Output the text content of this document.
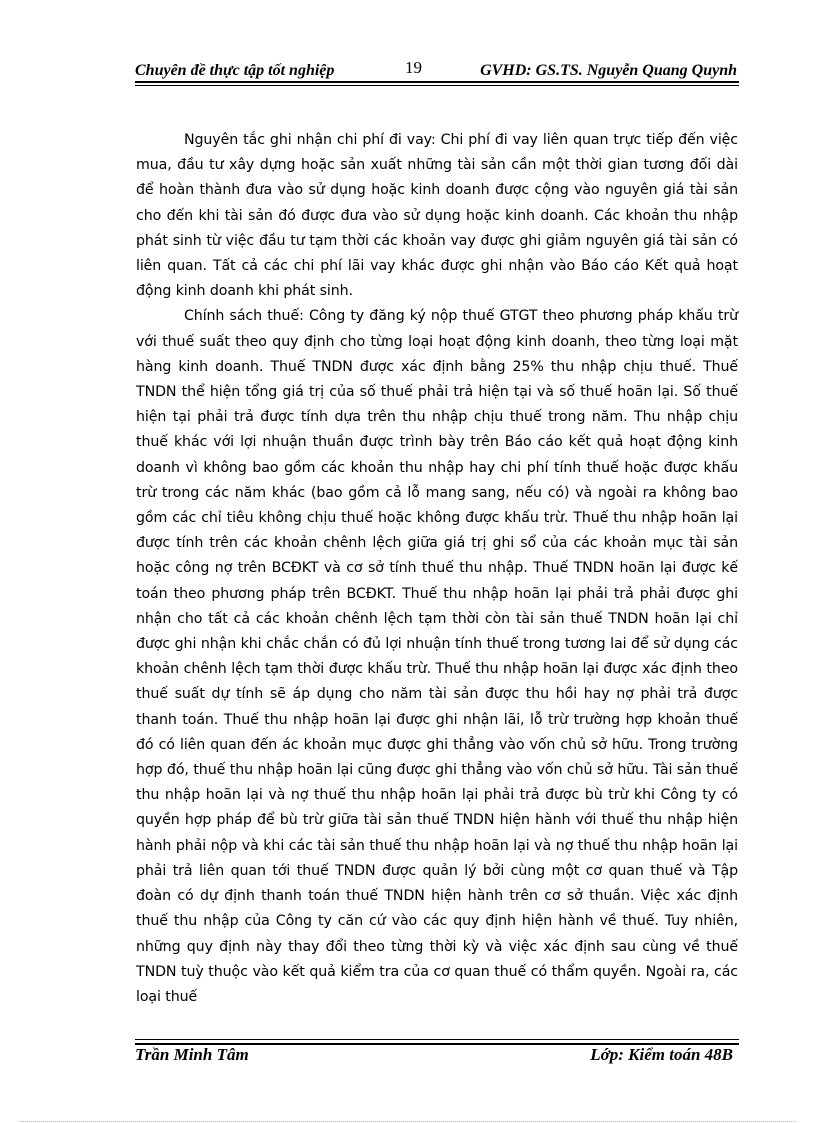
Chuyên đề thực tập tốt nghiệp	19	GVHD: GS.TS. Nguyễn Quang Quynh

Nguyên tắc ghi nhận chi phí đi vay: Chi phí đi vay liên quan trực tiếp đến việc mua, đầu tư xây dựng hoặc sản xuất những tài sản cần một thời gian tương đối dài để hoàn thành đưa vào sử dụng hoặc kinh doanh được cộng vào nguyên giá tài sản cho đến khi tài sản đó được đưa vào sử dụng hoặc kinh doanh. Các khoản thu nhập phát sinh từ việc đầu tư tạm thời các khoản vay được ghi giảm nguyên giá tài sản có liên quan. Tất cả các chi phí lãi vay khác được ghi nhận vào Báo cáo Kết quả hoạt động kinh doanh khi phát sinh.

Chính sách thuế: Công ty đăng ký nộp thuế GTGT theo phương pháp khấu trừ với thuế suất theo quy định cho từng loại hoạt động kinh doanh, theo từng loại mặt hàng kinh doanh. Thuế TNDN được xác định bằng 25% thu nhập chịu thuế. Thuế TNDN thể hiện tổng giá trị của số thuế phải trả hiện tại và số thuế hoãn lại. Số thuế hiện tại phải trả được tính dựa trên thu nhập chịu thuế trong năm. Thu nhập chịu thuế khác với lợi nhuận thuần được trình bày trên Báo cáo kết quả hoạt động kinh doanh vì không bao gồm các khoản thu nhập hay chi phí tính thuế hoặc được khấu trừ trong các năm khác (bao gồm cả lỗ mang sang, nếu có) và ngoài ra không bao gồm các chỉ tiêu không chịu thuế hoặc không được khấu trừ. Thuế thu nhập hoãn lại được tính trên các khoản chênh lệch giữa giá trị ghi sổ của các khoản mục tài sản hoặc công nợ trên BCĐKT và cơ sở tính thuế thu nhập. Thuế TNDN hoãn lại được kế toán theo phương pháp trên BCĐKT. Thuế thu nhập hoãn lại phải trả phải được ghi nhận cho tất cả các khoản chênh lệch tạm thời còn tài sản thuế TNDN hoãn lại chỉ được ghi nhận khi chắc chắn có đủ lợi nhuận tính thuế trong tương lai để sử dụng các khoản chênh lệch tạm thời được khấu trừ. Thuế thu nhập hoãn lại được xác định theo thuế suất dự tính sẽ áp dụng cho năm tài sản được thu hồi hay nợ phải trả được thanh toán. Thuế thu nhập hoãn lại được ghi nhận lãi, lỗ trừ trường hợp khoản thuế đó có liên quan đến ác khoản mục được ghi thẳng vào vốn chủ sở hữu. Trong trường hợp đó, thuế thu nhập hoãn lại cũng được ghi thẳng vào vốn chủ sở hữu. Tài sản thuế thu nhập hoãn lại và nợ thuế thu nhập hoãn lại phải trả được bù trừ khi Công ty có quyền hợp pháp để bù trừ giữa tài sản thuế TNDN hiện hành với thuế thu nhập hiện hành phải nộp và khi các tài sản thuế thu nhập hoãn lại và nợ thuế thu nhập hoãn lại phải trả liên quan tới thuế TNDN được quản lý bởi cùng một cơ quan thuế và Tập đoàn có dự định thanh toán thuế TNDN hiện hành trên cơ sở thuần. Việc xác định thuế thu nhập của Công ty căn cứ vào các quy định hiện hành về thuế. Tuy nhiên, những quy định này thay đổi theo từng thời kỳ và việc xác định sau cùng về thuế TNDN tuỳ thuộc vào kết quả kiểm tra của cơ quan thuế có thẩm quyền. Ngoài ra, các loại thuế

Trần Minh Tâm	Lớp: Kiểm toán 48B
